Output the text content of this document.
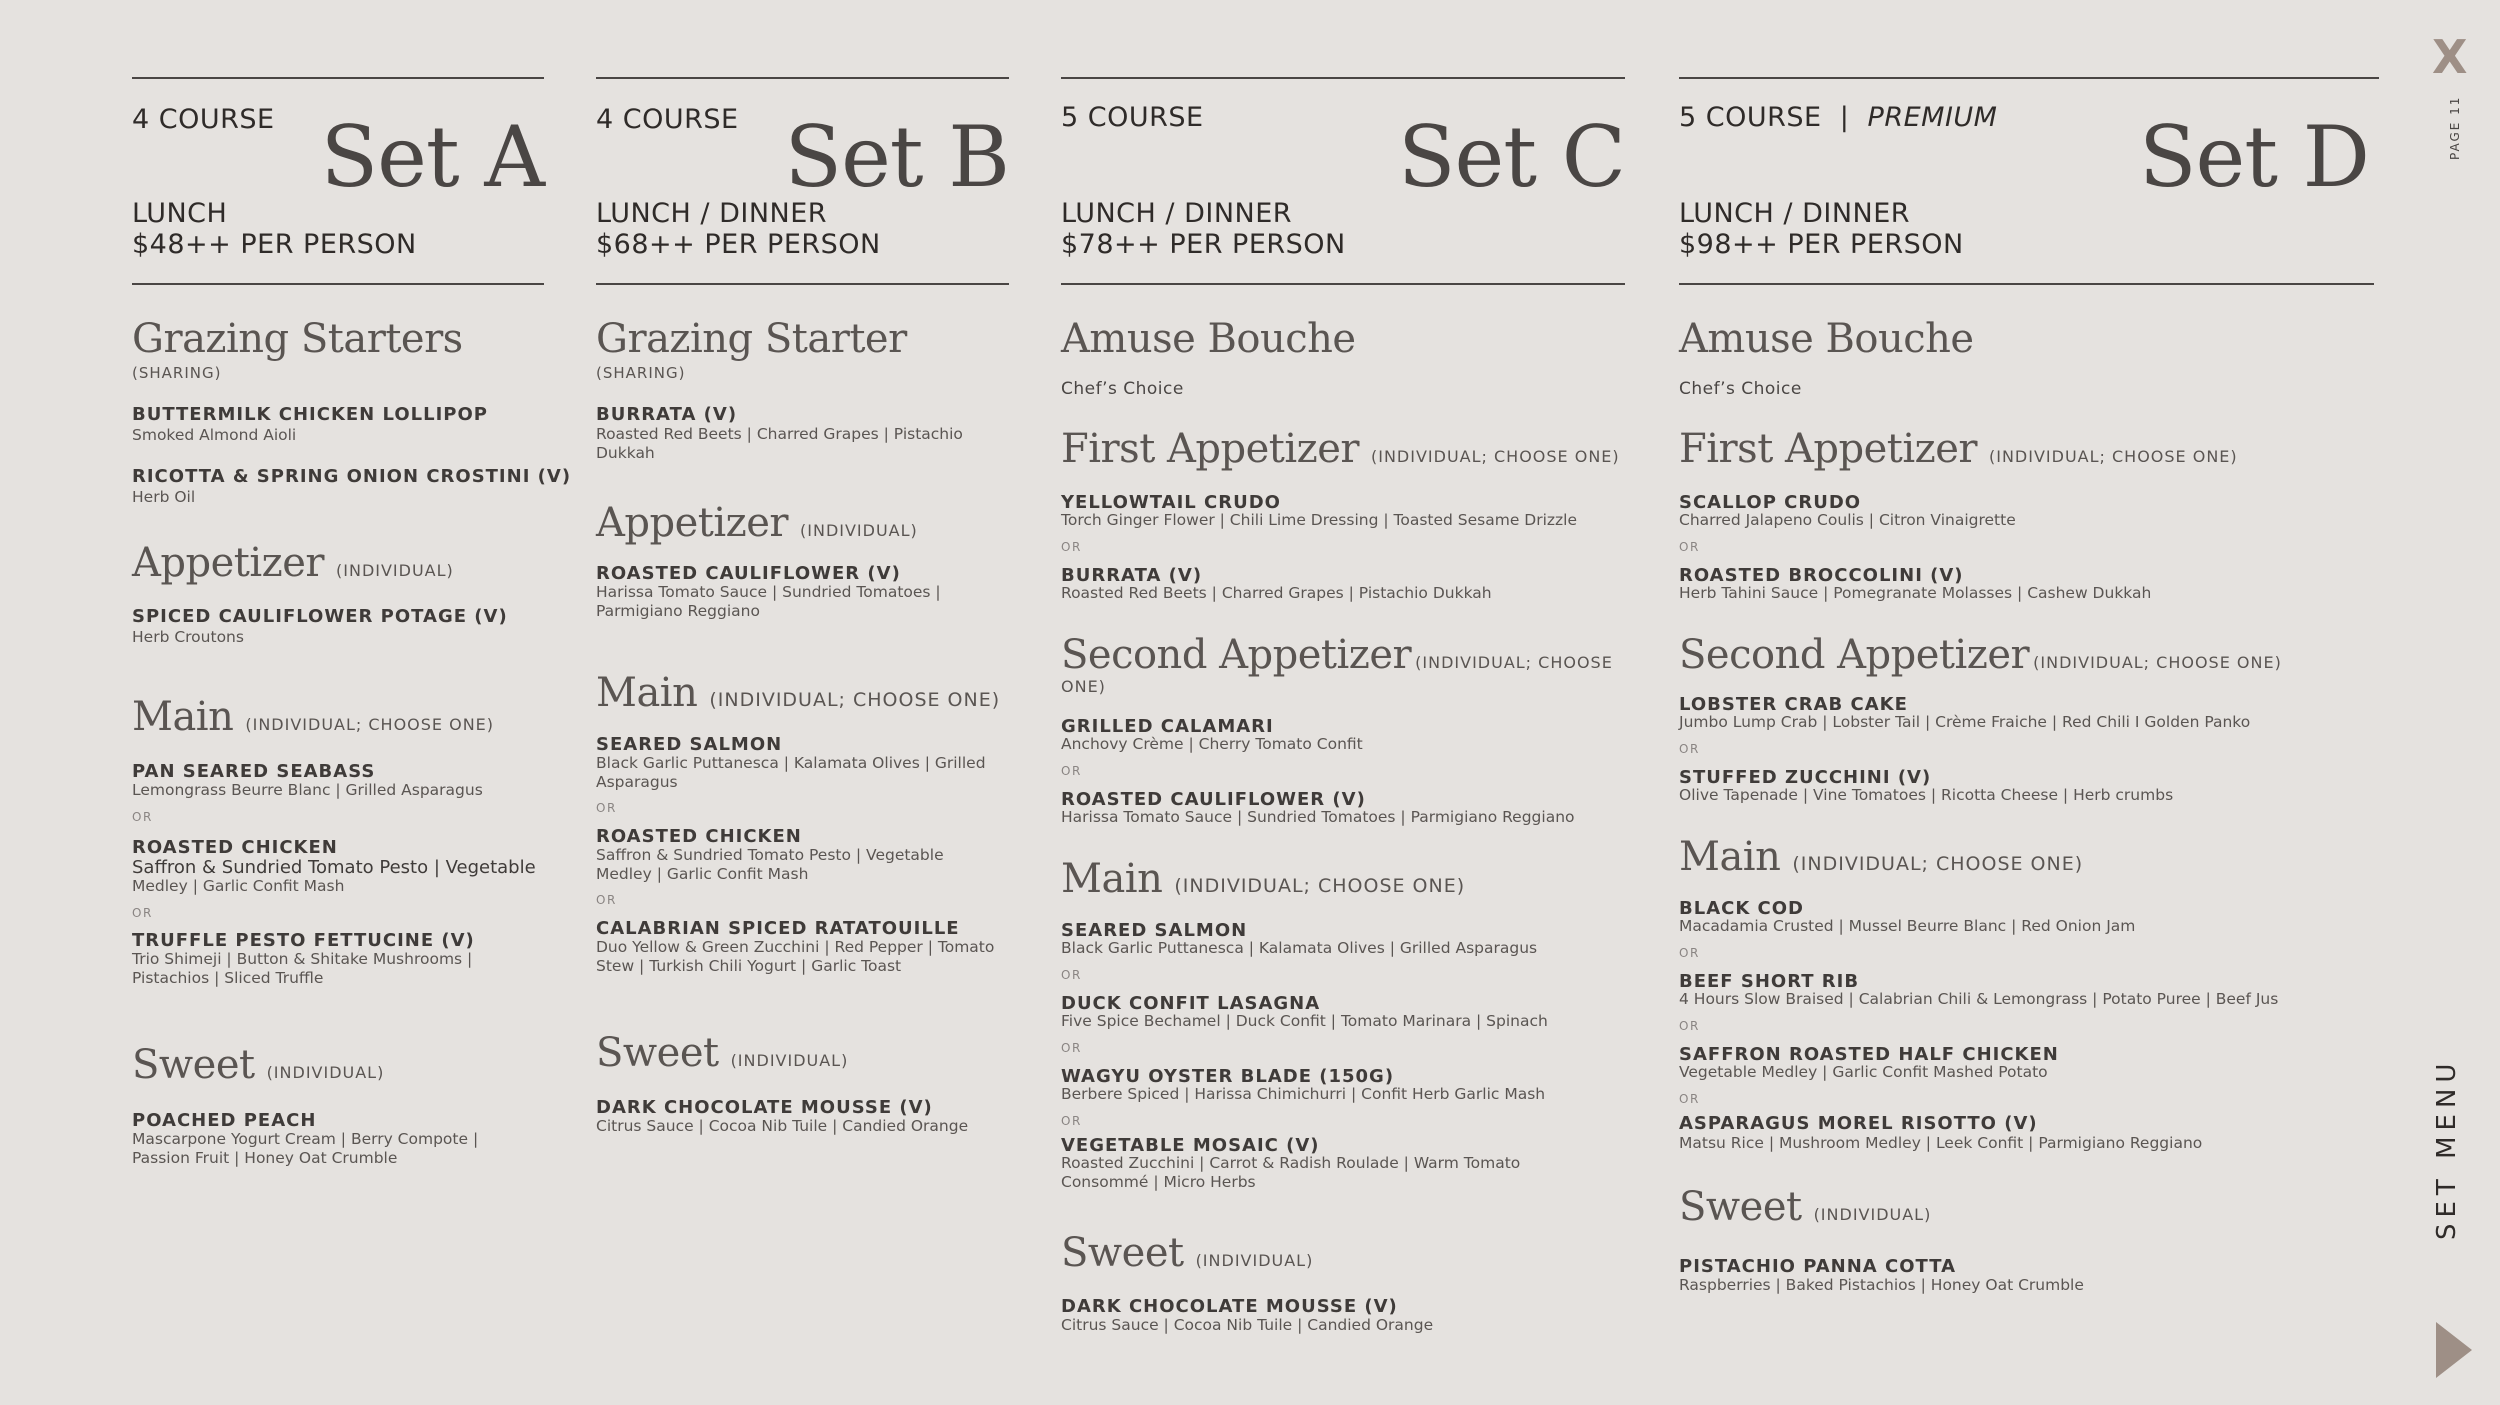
4 COURSE Set A
LUNCH
$48++ PER PERSON
Grazing Starters
(SHARING)
BUTTERMILK CHICKEN LOLLIPOP
Smoked Almond Aioli
RICOTTA & SPRING ONION CROSTINI (V)
Herb Oil
Appetizer (INDIVIDUAL)
SPICED CAULIFLOWER POTAGE (V)
Herb Croutons
Main (INDIVIDUAL; CHOOSE ONE)
PAN SEARED SEABASS
Lemongrass Beurre Blanc | Grilled Asparagus
OR
ROASTED CHICKEN
Saffron & Sundried Tomato Pesto | Vegetable
Medley | Garlic Confit Mash
OR
TRUFFLE PESTO FETTUCINE (V)
Trio Shimeji | Button & Shitake Mushrooms | Pistachios | Sliced Truffle
Sweet (INDIVIDUAL)
POACHED PEACH
Mascarpone Yogurt Cream | Berry Compote | Passion Fruit | Honey Oat Crumble
4 COURSE Set B
LUNCH / DINNER
$68++ PER PERSON
Grazing Starter
(SHARING)
BURRATA (V)
Roasted Red Beets | Charred Grapes | Pistachio Dukkah
Appetizer (INDIVIDUAL)
ROASTED CAULIFLOWER (V)
Harissa Tomato Sauce | Sundried Tomatoes | Parmigiano Reggiano
Main (INDIVIDUAL; CHOOSE ONE)
SEARED SALMON
Black Garlic Puttanesca | Kalamata Olives | Grilled Asparagus
OR
ROASTED CHICKEN
Saffron & Sundried Tomato Pesto | Vegetable Medley | Garlic Confit Mash
OR
CALABRIAN SPICED RATATOUILLE
Duo Yellow & Green Zucchini | Red Pepper | Tomato Stew | Turkish Chili Yogurt | Garlic Toast
Sweet (INDIVIDUAL)
DARK CHOCOLATE MOUSSE (V)
Citrus Sauce | Cocoa Nib Tuile | Candied Orange
5 COURSE Set C
LUNCH / DINNER
$78++ PER PERSON
Amuse Bouche
Chef’s Choice
First Appetizer (INDIVIDUAL; CHOOSE ONE)
YELLOWTAIL CRUDO
Torch Ginger Flower | Chili Lime Dressing | Toasted Sesame Drizzle
OR
BURRATA (V)
Roasted Red Beets | Charred Grapes | Pistachio Dukkah
Second Appetizer (INDIVIDUAL; CHOOSE
ONE)
GRILLED CALAMARI
Anchovy Crème | Cherry Tomato Confit
OR
ROASTED CAULIFLOWER (V)
Harissa Tomato Sauce | Sundried Tomatoes | Parmigiano Reggiano
Main (INDIVIDUAL; CHOOSE ONE)
SEARED SALMON
Black Garlic Puttanesca | Kalamata Olives | Grilled Asparagus
OR
DUCK CONFIT LASAGNA
Five Spice Bechamel | Duck Confit | Tomato Marinara | Spinach
OR
WAGYU OYSTER BLADE (150G)
Berbere Spiced | Harissa Chimichurri | Confit Herb Garlic Mash
OR
VEGETABLE MOSAIC (V)
Roasted Zucchini | Carrot & Radish Roulade | Warm Tomato Consommé | Micro Herbs
Sweet (INDIVIDUAL)
DARK CHOCOLATE MOUSSE (V)
Citrus Sauce | Cocoa Nib Tuile | Candied Orange
5 COURSE | PREMIUM Set D
LUNCH / DINNER
$98++ PER PERSON
Amuse Bouche
Chef’s Choice
First Appetizer (INDIVIDUAL; CHOOSE ONE)
SCALLOP CRUDO
Charred Jalapeno Coulis | Citron Vinaigrette
OR
ROASTED BROCCOLINI (V)
Herb Tahini Sauce | Pomegranate Molasses | Cashew Dukkah
Second Appetizer (INDIVIDUAL; CHOOSE ONE)
LOBSTER CRAB CAKE
Jumbo Lump Crab | Lobster Tail | Crème Fraiche | Red Chili I Golden Panko
OR
STUFFED ZUCCHINI (V)
Olive Tapenade | Vine Tomatoes | Ricotta Cheese | Herb crumbs
Main (INDIVIDUAL; CHOOSE ONE)
BLACK COD
Macadamia Crusted | Mussel Beurre Blanc | Red Onion Jam
OR
BEEF SHORT RIB
4 Hours Slow Braised | Calabrian Chili & Lemongrass | Potato Puree | Beef Jus
OR
SAFFRON ROASTED HALF CHICKEN
Vegetable Medley | Garlic Confit Mashed Potato
OR
ASPARAGUS MOREL RISOTTO (V)
Matsu Rice | Mushroom Medley | Leek Confit | Parmigiano Reggiano
Sweet (INDIVIDUAL)
PISTACHIO PANNA COTTA
Raspberries | Baked Pistachios | Honey Oat Crumble
X
PAGE 11
SET MENU
